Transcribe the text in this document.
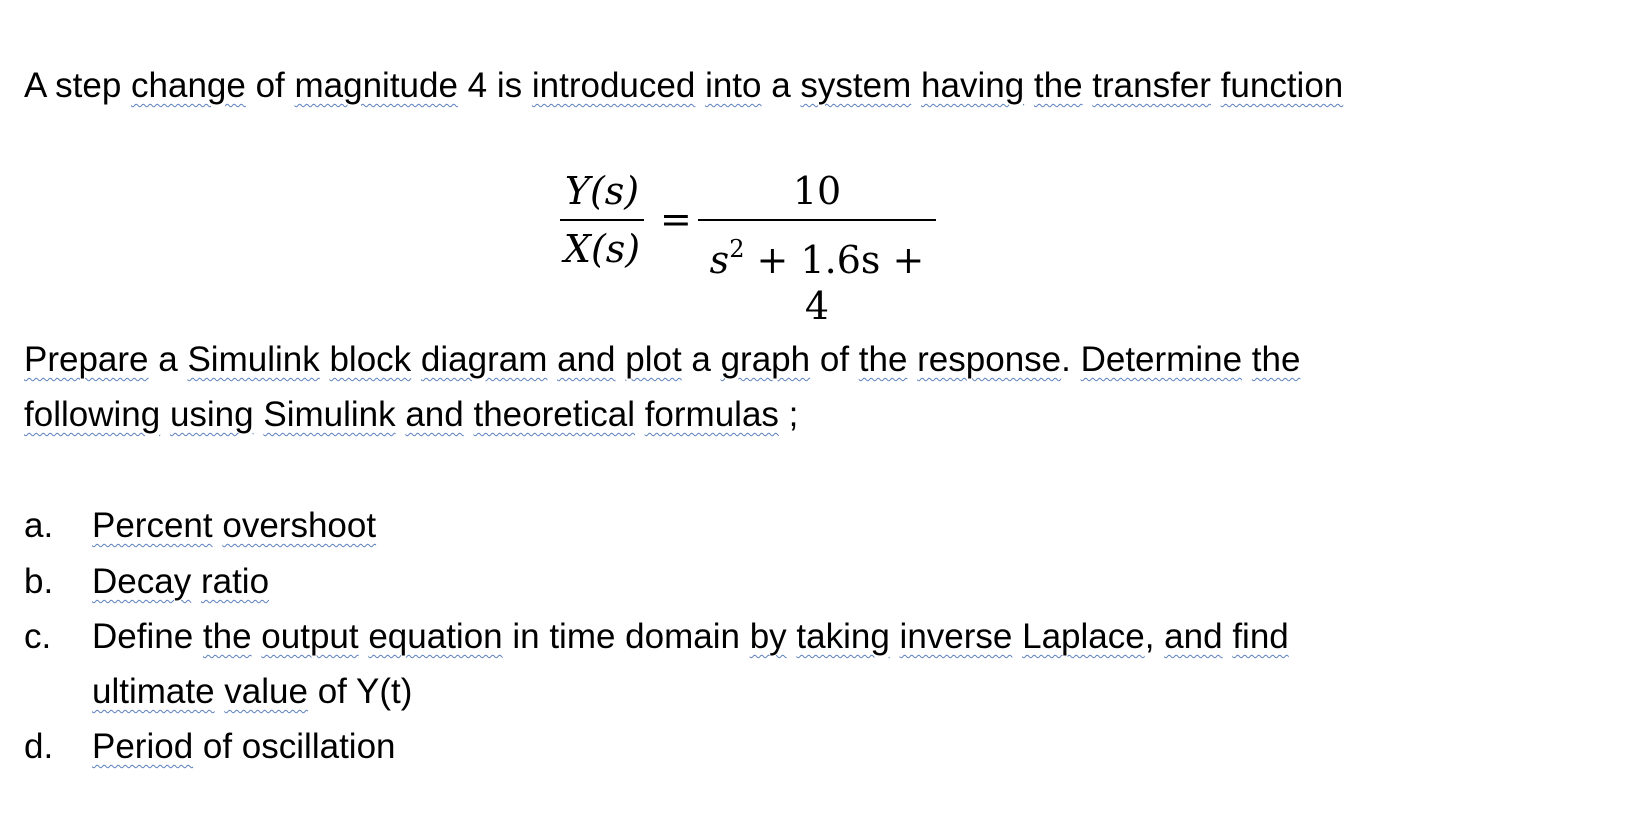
A step change of magnitude 4 is introduced into a system having the transfer function
Y(s)
X(s)
=
10
$s^2 + 1.6s + 4$
Prepare a Simulink block diagram and plot a graph of the response. Determine the
following using Simulink and theoretical formulas ;
a.	Percent overshoot
b.	Decay ratio
c.	Define the output equation in time domain by taking inverse Laplace, and find
ultimate value of Y(t)
d.	Period of oscillation
